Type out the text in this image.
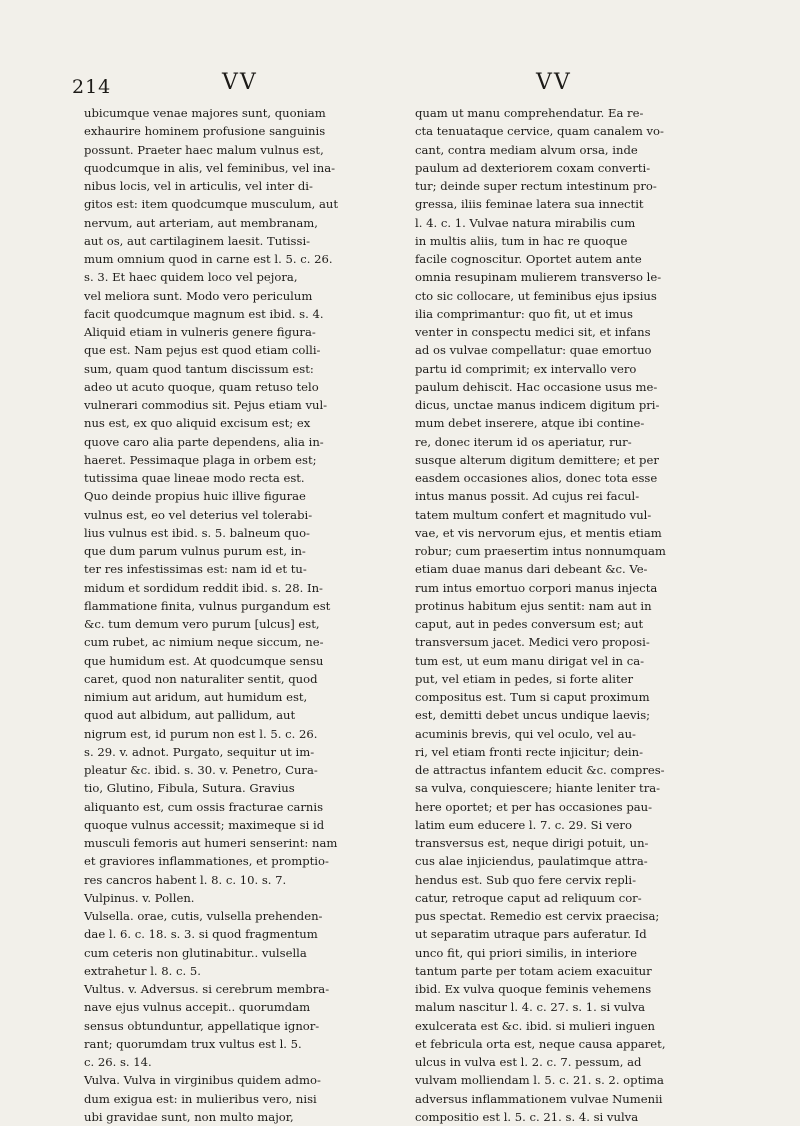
214	VV	VV
ubicumque venae majores sunt, quoniam
exhaurire hominem profusione sanguinis
possunt. Praeter haec malum vulnus est,
quodcumque in alis, vel feminibus, vel ina-
nibus locis, vel in articulis, vel inter di-
gitos est: item quodcumque musculum, aut
nervum, aut arteriam, aut membranam,
aut os, aut cartilaginem laesit. Tutissi-
mum omnium quod in carne est l. 5. c. 26.
s. 3. Et haec quidem loco vel pejora,
vel meliora sunt. Modo vero periculum
facit quodcumque magnum est ibid. s. 4.
Aliquid etiam in vulneris genere figura-
que est. Nam pejus est quod etiam colli-
sum, quam quod tantum discissum est:
adeo ut acuto quoque, quam retuso telo
vulnerari commodius sit. Pejus etiam vul-
nus est, ex quo aliquid excisum est; ex
quove caro alia parte dependens, alia in-
haeret. Pessimaque plaga in orbem est;
tutissima quae lineae modo recta est.
Quo deinde propius huic illive figurae
vulnus est, eo vel deterius vel tolerabi-
lius vulnus est ibid. s. 5. balneum quo-
que dum parum vulnus purum est, in-
ter res infestissimas est: nam id et tu-
midum et sordidum reddit ibid. s. 28. In-
flammatione finita, vulnus purgandum est
&c. tum demum vero purum [ulcus] est,
cum rubet, ac nimium neque siccum, ne-
que humidum est. At quodcumque sensu
caret, quod non naturaliter sentit, quod
nimium aut aridum, aut humidum est,
quod aut albidum, aut pallidum, aut
nigrum est, id purum non est l. 5. c. 26.
s. 29. v. adnot. Purgato, sequitur ut im-
pleatur &c. ibid. s. 30. v. Penetro, Cura-
tio, Glutino, Fibula, Sutura. Gravius
aliquanto est, cum ossis fracturae carnis
quoque vulnus accessit; maximeque si id
musculi femoris aut humeri senserint: nam
et graviores inflammationes, et promptio-
res cancros habent l. 8. c. 10. s. 7.
Vulpinus. v. Pollen.
Vulsella. orae, cutis, vulsella prehenden-
dae l. 6. c. 18. s. 3. si quod fragmentum
cum ceteris non glutinabitur.. vulsella
extrahetur l. 8. c. 5.
Vultus. v. Adversus. si cerebrum membra-
nave ejus vulnus accepit.. quorumdam
sensus obtunduntur, appellatique ignor-
rant; quorumdam trux vultus est l. 5.
c. 26. s. 14.
Vulva. Vulva in virginibus quidem admo-
dum exigua est: in mulieribus vero, nisi
ubi gravidae sunt, non multo major,
quam ut manu comprehendatur. Ea re-
cta tenuataque cervice, quam canalem vo-
cant, contra mediam alvum orsa, inde
paulum ad dexteriorem coxam converti-
tur; deinde super rectum intestinum pro-
gressa, iliis feminae latera sua innectit
l. 4. c. 1. Vulvae natura mirabilis cum
in multis aliis, tum in hac re quoque
facile cognoscitur. Oportet autem ante
omnia resupinam mulierem transverso le-
cto sic collocare, ut feminibus ejus ipsius
ilia comprimantur: quo fit, ut et imus
venter in conspectu medici sit, et infans
ad os vulvae compellatur: quae emortuo
partu id comprimit; ex intervallo vero
paulum dehiscit. Hac occasione usus me-
dicus, unctae manus indicem digitum pri-
mum debet inserere, atque ibi contine-
re, donec iterum id os aperiatur, rur-
susque alterum digitum demittere; et per
easdem occasiones alios, donec tota esse
intus manus possit. Ad cujus rei facul-
tatem multum confert et magnitudo vul-
vae, et vis nervorum ejus, et mentis etiam
robur; cum praesertim intus nonnumquam
etiam duae manus dari debeant &c. Ve-
rum intus emortuo corpori manus injecta
protinus habitum ejus sentit: nam aut in
caput, aut in pedes conversum est; aut
transversum jacet. Medici vero proposi-
tum est, ut eum manu dirigat vel in ca-
put, vel etiam in pedes, si forte aliter
compositus est. Tum si caput proximum
est, demitti debet uncus undique laevis;
acuminis brevis, qui vel oculo, vel au-
ri, vel etiam fronti recte injicitur; dein-
de attractus infantem educit &c. compres-
sa vulva, conquiescere; hiante leniter tra-
here oportet; et per has occasiones pau-
latim eum educere l. 7. c. 29. Si vero
transversus est, neque dirigi potuit, un-
cus alae injiciendus, paulatimque attra-
hendus est. Sub quo fere cervix repli-
catur, retroque caput ad reliquum cor-
pus spectat. Remedio est cervix praecisa;
ut separatim utraque pars auferatur. Id
unco fit, qui priori similis, in interiore
tantum parte per totam aciem exacuitur
ibid. Ex vulva quoque feminis vehemens
malum nascitur l. 4. c. 27. s. 1. si vulva
exulcerata est &c. ibid. si mulieri inguen
et febricula orta est, neque causa apparet,
ulcus in vulva est l. 2. c. 7. pessum, ad
vulvam molliendam l. 5. c. 21. s. 2. optima
adversus inflammationem vulvae Numenii
compositio est l. 5. c. 21. s. 4. si vulva
